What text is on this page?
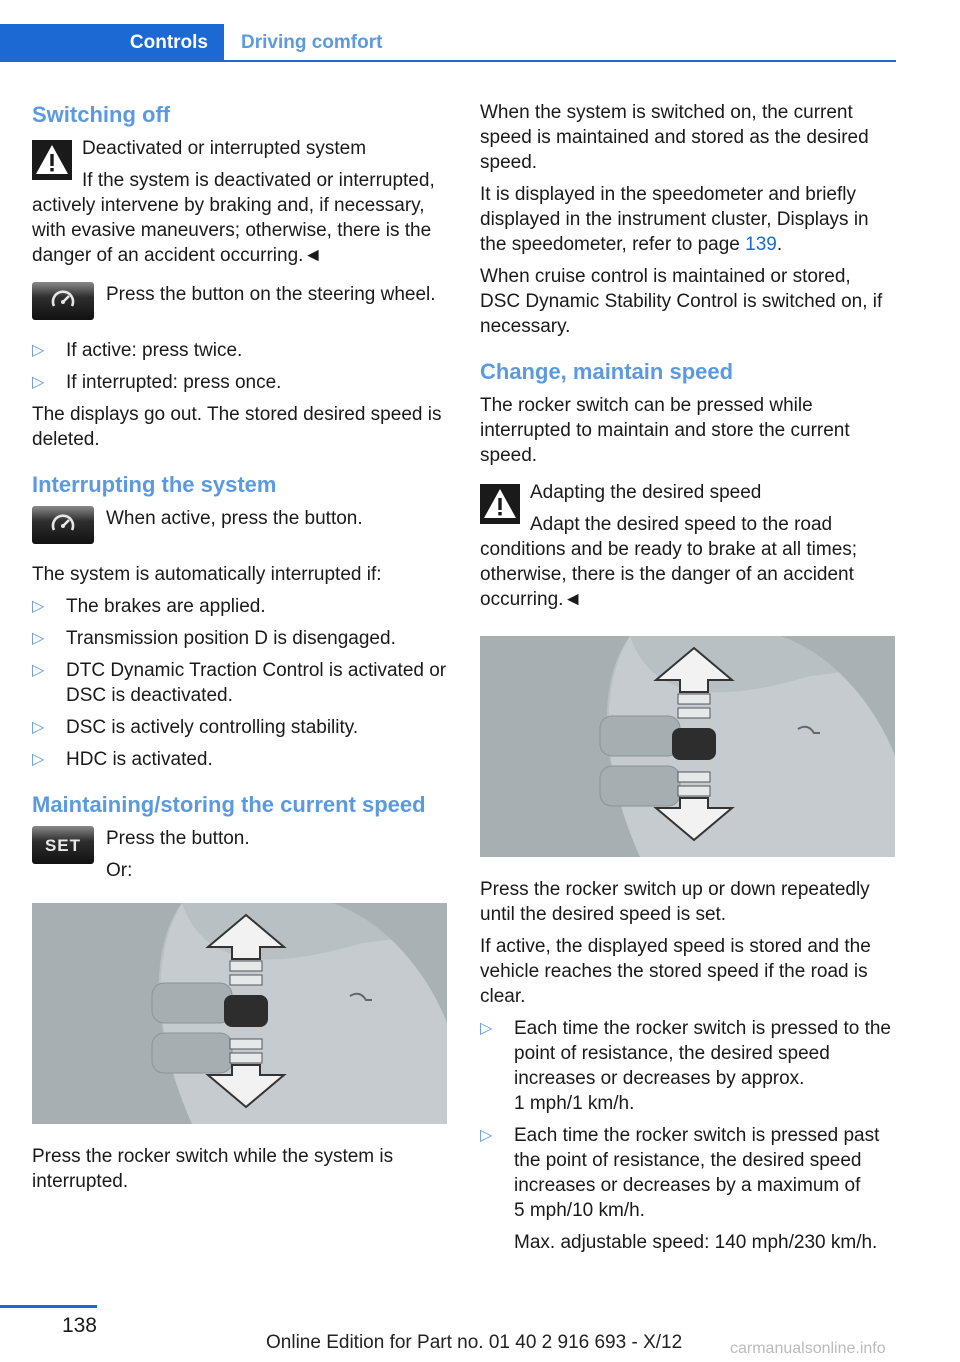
Controls	Driving comfort
Switching off

Deactivated or interrupted system

If the system is deactivated or interrupted, actively intervene by braking and, if necessary, with evasive maneuvers; otherwise, there is the danger of an accident occurring.◄

Press the button on the steering wheel.
▷ If active: press twice.
▷ If interrupted: press once.

The displays go out. The stored desired speed is deleted.

Interrupting the system
When active, press the button.

The system is automatically interrupted if:

▷ The brakes are applied.
▷ Transmission position D is disengaged.
▷ DTC Dynamic Traction Control is activated or DSC is deactivated.
▷ DSC is actively controlling stability.
▷ HDC is activated.
Maintaining/storing the current speed
SET	Press the button.
Or:

Press the rocker switch while the system is interrupted.

When the system is switched on, the current speed is maintained and stored as the desired speed.

It is displayed in the speedometer and briefly displayed in the instrument cluster, Displays in the speedometer, refer to page 139.

When cruise control is maintained or stored, DSC Dynamic Stability Control is switched on, if necessary.

Change, maintain speed

The rocker switch can be pressed while interrupted to maintain and store the current speed.

Adapting the desired speed

Adapt the desired speed to the road conditions and be ready to brake at all times; otherwise, there is the danger of an accident occurring.◄

Press the rocker switch up or down repeatedly until the desired speed is set.

If active, the displayed speed is stored and the vehicle reaches the stored speed if the road is clear.

▷ Each time the rocker switch is pressed to the point of resistance, the desired speed increases or decreases by approx.
1 mph/1 km/h.
▷ Each time the rocker switch is pressed past the point of resistance, the desired speed increases or decreases by a maximum of
5 mph/10 km/h.
Max. adjustable speed: 140 mph/230 km/h.
138
Online Edition for Part no. 01 40 2 916 693 - X/12	carmanualsonline.info
